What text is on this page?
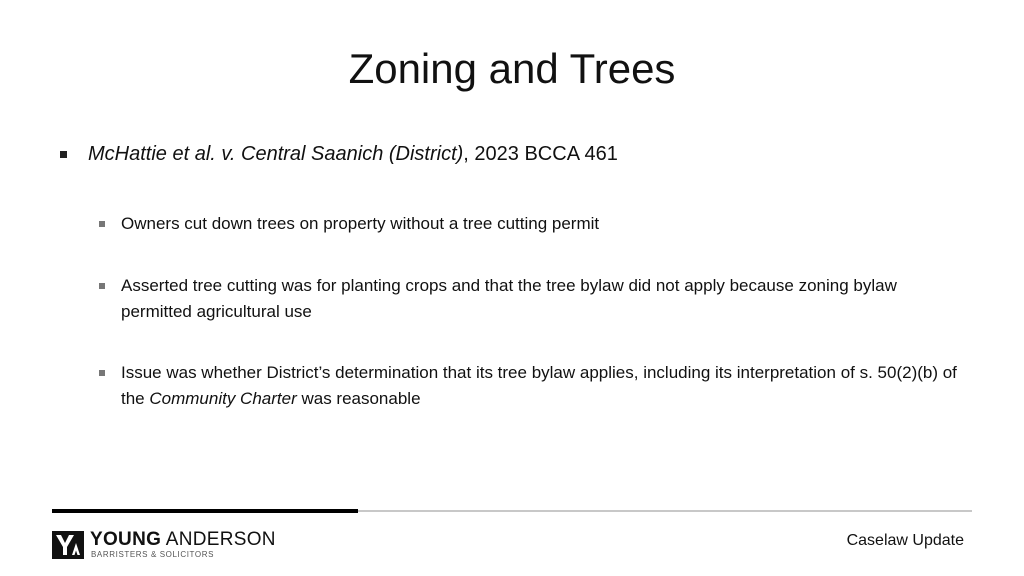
Zoning and Trees
McHattie et al. v. Central Saanich (District), 2023 BCCA 461
Owners cut down trees on property without a tree cutting permit
Asserted tree cutting was for planting crops and that the tree bylaw did not apply because zoning bylaw permitted agricultural use
Issue was whether District’s determination that its tree bylaw applies, including its interpretation of s. 50(2)(b) of the Community Charter was reasonable
YOUNG ANDERSON
BARRISTERS & SOLICITORS
Caselaw Update
